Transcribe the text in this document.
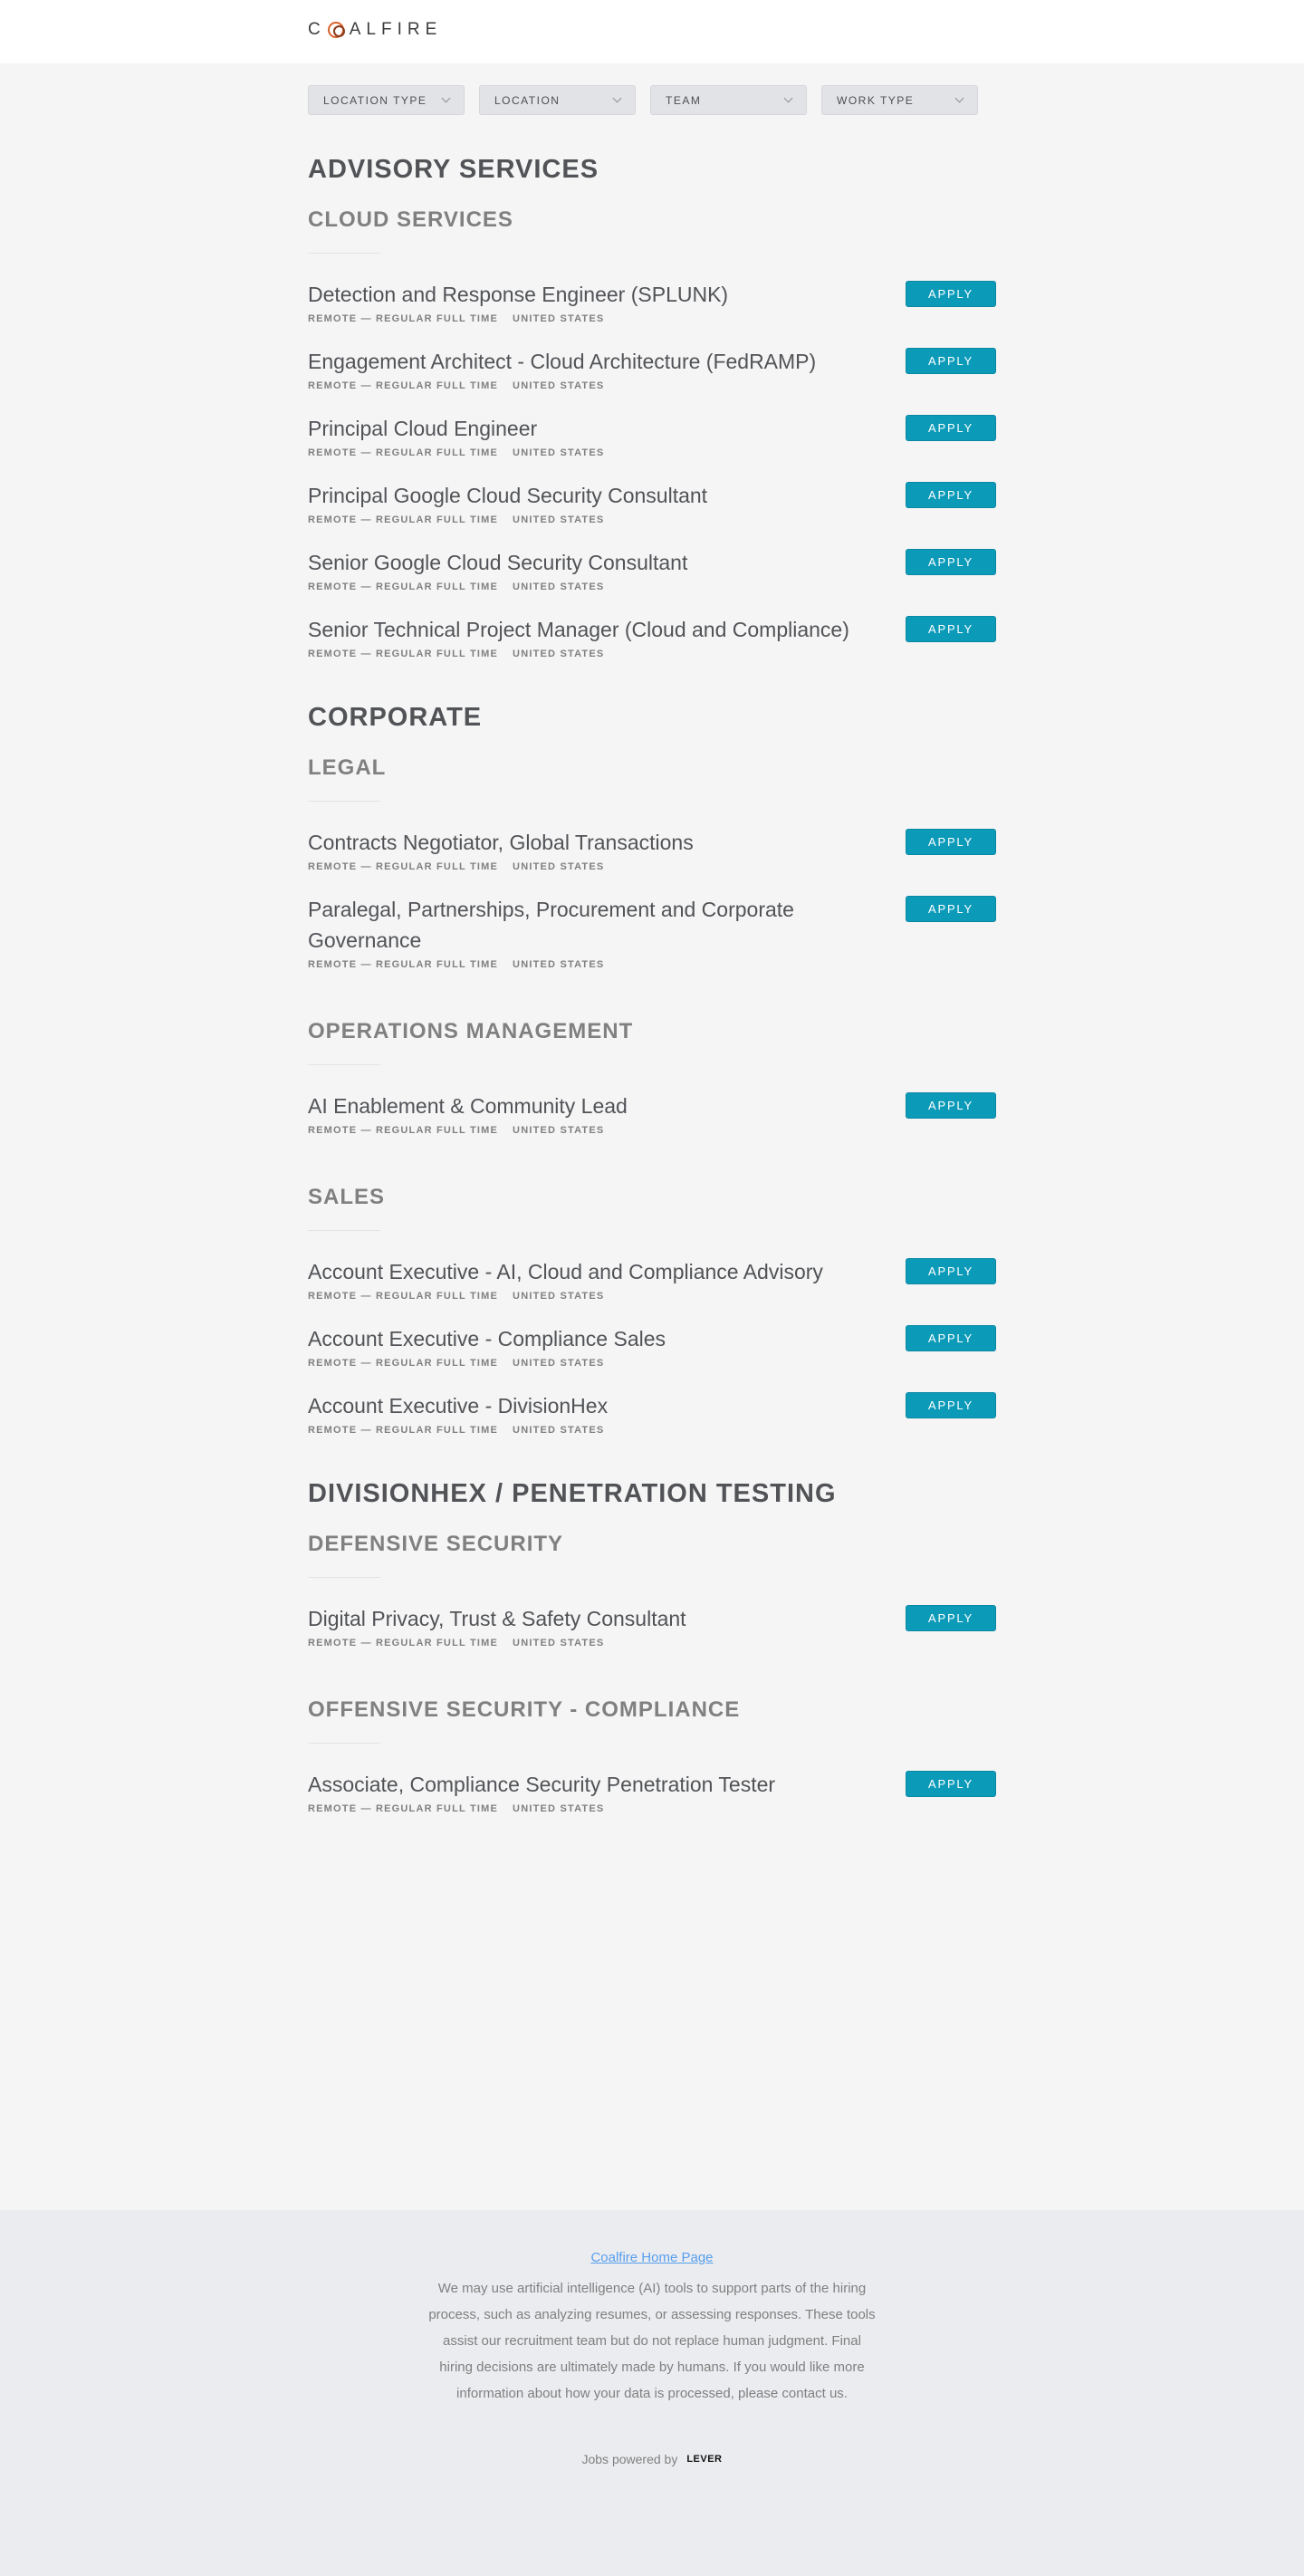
C ALFIRE
LOCATION TYPE	LOCATION	TEAM	WORK TYPE
ADVISORY SERVICES
CLOUD SERVICES
Detection and Response Engineer (SPLUNK)
REMOTE — REGULAR FULL TIME UNITED STATES
APPLY
Engagement Architect - Cloud Architecture (FedRAMP)
REMOTE — REGULAR FULL TIME UNITED STATES
APPLY
Principal Cloud Engineer
REMOTE — REGULAR FULL TIME UNITED STATES
APPLY
Principal Google Cloud Security Consultant
REMOTE — REGULAR FULL TIME UNITED STATES
APPLY
Senior Google Cloud Security Consultant
REMOTE — REGULAR FULL TIME UNITED STATES
APPLY
Senior Technical Project Manager (Cloud and Compliance)
REMOTE — REGULAR FULL TIME UNITED STATES
APPLY
CORPORATE
LEGAL
Contracts Negotiator, Global Transactions
REMOTE — REGULAR FULL TIME UNITED STATES
APPLY
Paralegal, Partnerships, Procurement and Corporate Governance
REMOTE — REGULAR FULL TIME UNITED STATES
APPLY
OPERATIONS MANAGEMENT
AI Enablement & Community Lead
REMOTE — REGULAR FULL TIME UNITED STATES
APPLY
SALES
Account Executive - AI, Cloud and Compliance Advisory
REMOTE — REGULAR FULL TIME UNITED STATES
APPLY
Account Executive - Compliance Sales
REMOTE — REGULAR FULL TIME UNITED STATES
APPLY
Account Executive - DivisionHex
REMOTE — REGULAR FULL TIME UNITED STATES
APPLY
DIVISIONHEX / PENETRATION TESTING
DEFENSIVE SECURITY
Digital Privacy, Trust & Safety Consultant
REMOTE — REGULAR FULL TIME UNITED STATES
APPLY
OFFENSIVE SECURITY - COMPLIANCE
Associate, Compliance Security Penetration Tester
REMOTE — REGULAR FULL TIME UNITED STATES
APPLY
Coalfire Home Page

We may use artificial intelligence (AI) tools to support parts of the hiring process, such as analyzing resumes, or assessing responses. These tools assist our recruitment team but do not replace human judgment. Final hiring decisions are ultimately made by humans. If you would like more information about how your data is processed, please contact us.

Jobs powered by LEVER
